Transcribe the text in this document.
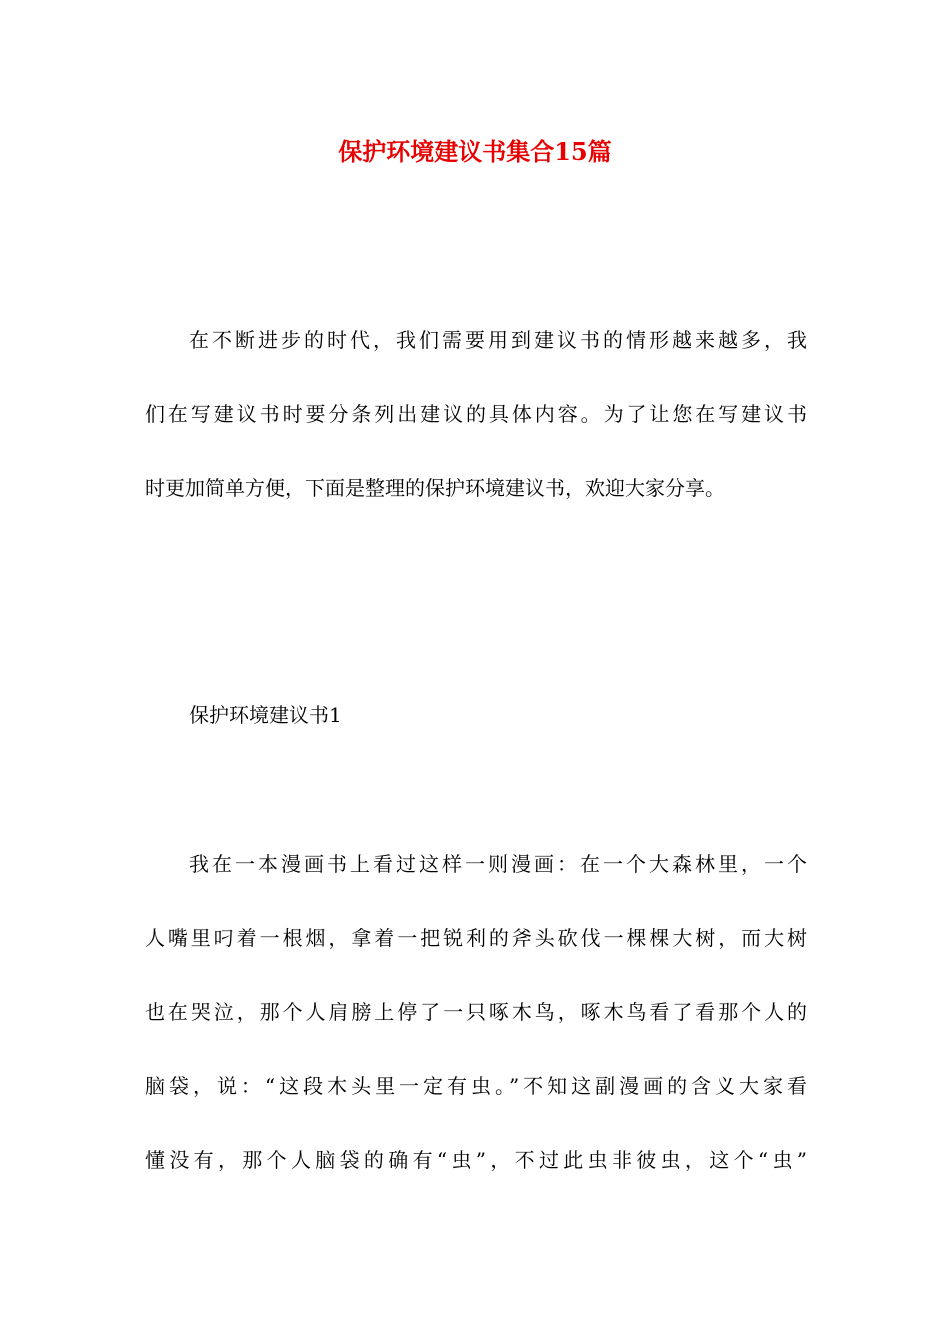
保护环境建议书集合15篇
在不断进步的时代，我们需要用到建议书的情形越来越多，我
们在写建议书时要分条列出建议的具体内容。为了让您在写建议书
时更加简单方便，下面是整理的保护环境建议书，欢迎大家分享。
保护环境建议书1
我在一本漫画书上看过这样一则漫画：在一个大森林里，一个
人嘴里叼着一根烟，拿着一把锐利的斧头砍伐一棵棵大树，而大树
也在哭泣，那个人肩膀上停了一只啄木鸟，啄木鸟看了看那个人的
脑袋，说：“这段木头里一定有虫。”不知这副漫画的含义大家看
懂没有，那个人脑袋的确有“虫”，不过此虫非彼虫，这个“虫”
